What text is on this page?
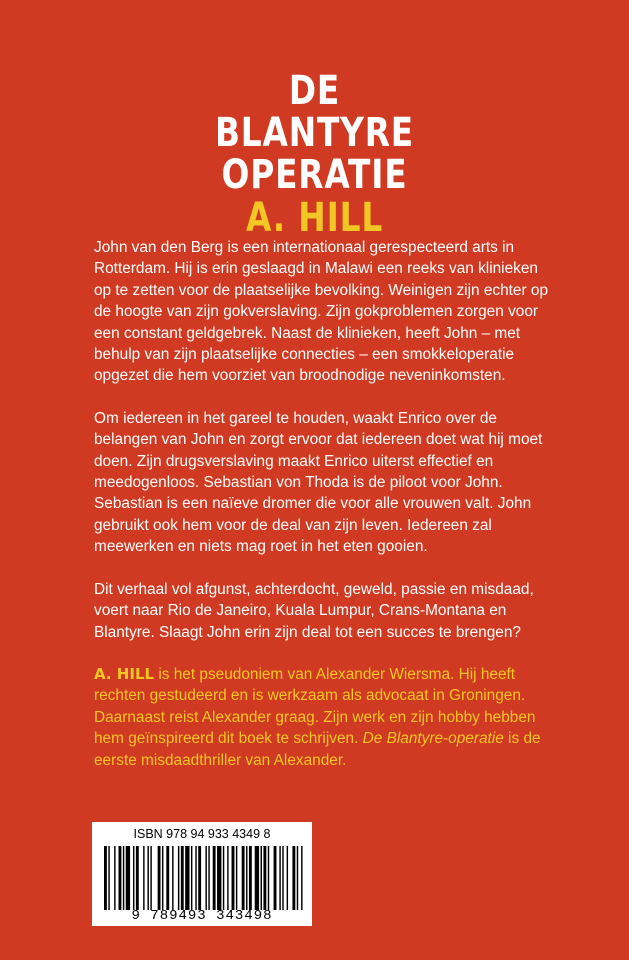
DE
BLANTYRE
OPERATIE
A. HILL

John van den Berg is een internationaal gerespecteerd arts in Rotterdam. Hij is erin geslaagd in Malawi een reeks van klinieken op te zetten voor de plaatselijke bevolking. Weinigen zijn echter op de hoogte van zijn gokverslaving. Zijn gokproblemen zorgen voor een constant geldgebrek. Naast de klinieken, heeft John – met behulp van zijn plaatselijke connecties – een smokkeloperatie opgezet die hem voorziet van broodnodige neveninkomsten.

Om iedereen in het gareel te houden, waakt Enrico over de belangen van John en zorgt ervoor dat iedereen doet wat hij moet doen. Zijn drugsverslaving maakt Enrico uiterst effectief en meedogenloos. Sebastian von Thoda is de piloot voor John. Sebastian is een naïeve dromer die voor alle vrouwen valt. John gebruikt ook hem voor de deal van zijn leven. Iedereen zal meewerken en niets mag roet in het eten gooien.

Dit verhaal vol afgunst, achterdocht, geweld, passie en misdaad, voert naar Rio de Janeiro, Kuala Lumpur, Crans-Montana en Blantyre. Slaagt John erin zijn deal tot een succes te brengen?

A. HILL is het pseudoniem van Alexander Wiersma. Hij heeft rechten gestudeerd en is werkzaam als advocaat in Groningen. Daarnaast reist Alexander graag. Zijn werk en zijn hobby hebben hem geïnspireerd dit boek te schrijven. De Blantyre-operatie is de eerste misdaadthriller van Alexander.

ISBN 978 94 933 4349 8
9 789493 343498
